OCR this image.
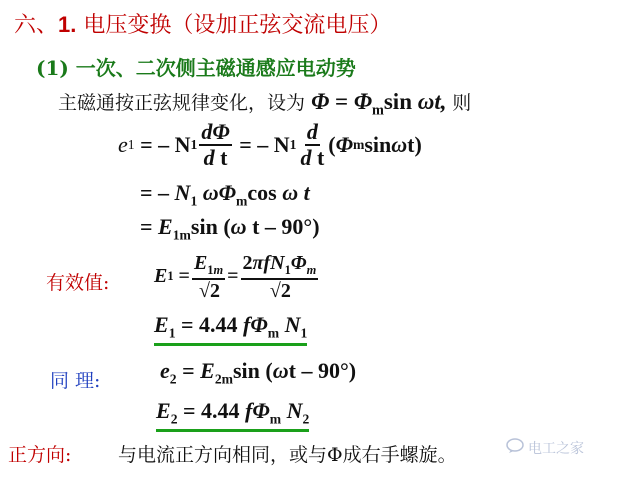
六、1. 电压变换（设加正弦交流电压）
(1) 一次、二次侧主磁通感应电动势
主磁通按正弦规律变化，设为 $\Phi = \Phi_m\sin$ ωt, 则
e 1 = – N $1 \frac{d\Phi}{\text{d t}}$ = – N $1 \frac{d}{\text{d t}}$ ( Φ m sin ω t)
= – $N_1$ $\omega\Phi_m\cos$ ω t
= $E_{1m}\sin$ (ω t – 90°)
有效值: E $1 = \frac{E_{1m}}{√2} = \frac{2\pi fN_1\Phi_m}{√2}$
$E_1 = 4.44$ $f\Phi_m$ $N_1$
同 理:	$e_2 = E_{2m}\sin$ (ωt – 90°)
$E_2 = 4.44$ $f\Phi_m$ $N_2$
正方向: 与电流正方向相同，或与Φ成右手螺旋。	电工之家
